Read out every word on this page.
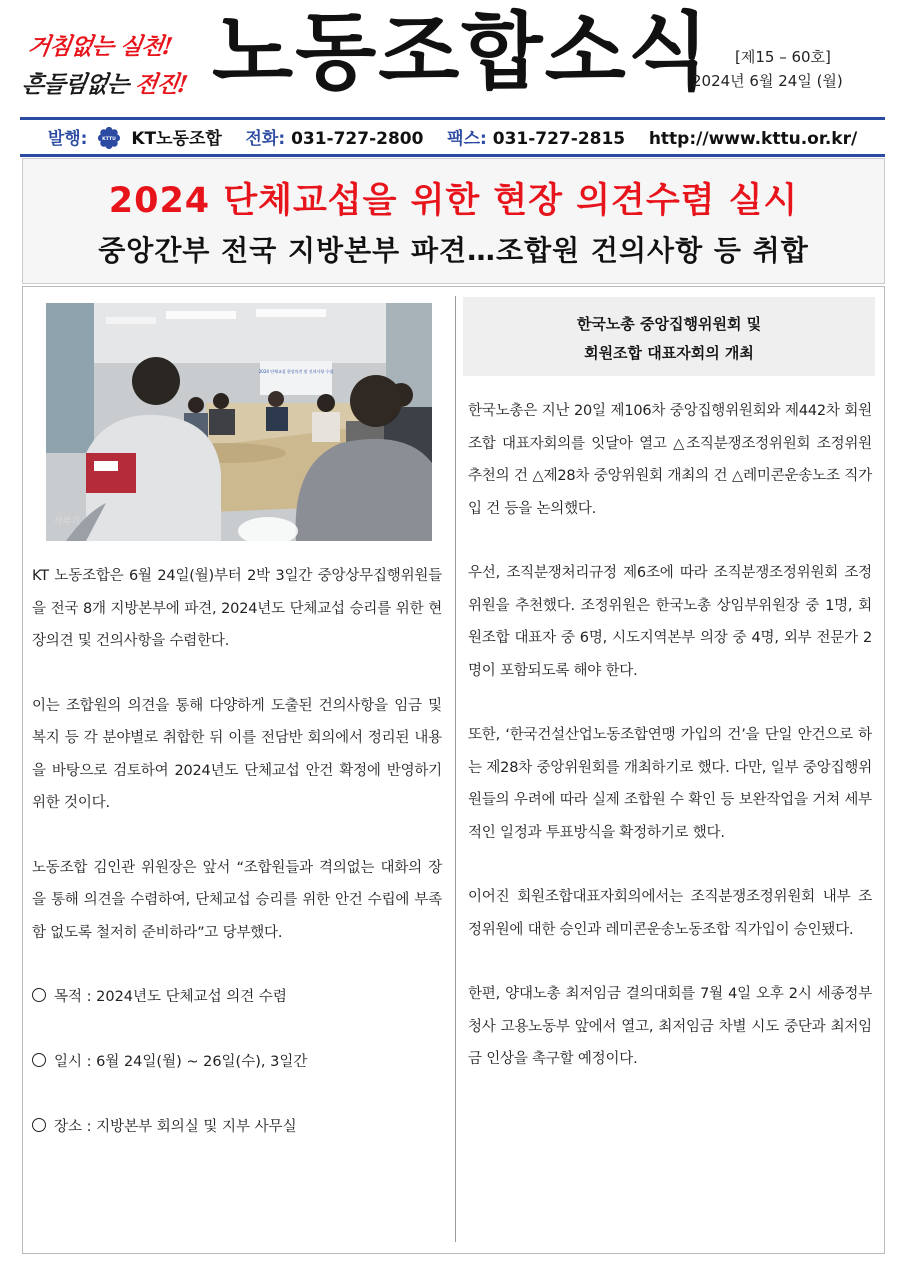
거침없는 실천!
흔들림없는 전진! 노동조합소식 [제15 – 60호]
2024년 6월 24일 (월)
발행:	KTTU KT노동조합 전화: 031-727-2800 팩스: 031-727-2815 http://www.kttu.or.kr/
2024 단체교섭을 위한 현장 의견수렴 실시
중앙간부 전국 지방본부 파견…조합원 건의사항 등 취합
2024 단체교섭 현장의견 및 건의사항 수렴
작부기

KT 노동조합은 6월 24일(월)부터 2박 3일간 중앙상무집행위원들을 전국 8개 지방본부에 파견, 2024년도 단체교섭 승리를 위한 현장의견 및 건의사항을 수렴한다.

이는 조합원의 의견을 통해 다양하게 도출된 건의사항을 임금 및 복지 등 각 분야별로 취합한 뒤 이를 전담반 회의에서 정리된 내용을 바탕으로 검토하여 2024년도 단체교섭 안건 확정에 반영하기 위한 것이다.

노동조합 김인관 위원장은 앞서 “조합원들과 격의없는 대화의 장을 통해 의견을 수렴하여, 단체교섭 승리를 위한 안건 수립에 부족함 없도록 철저히 준비하라”고 당부했다.

목적 : 2024년도 단체교섭 의견 수렴
일시 : 6월 24일(월) ~ 26일(수), 3일간
장소 : 지방본부 회의실 및 지부 사무실
한국노총 중앙집행위원회 및
회원조합 대표자회의 개최

한국노총은 지난 20일 제106차 중앙집행위원회와 제442차 회원조합 대표자회의를 잇달아 열고 △조직분쟁조정위원회 조정위원 추천의 건 △제28차 중앙위원회 개최의 건 △레미콘운송노조 직가입 건 등을 논의했다.

우선, 조직분쟁처리규정 제6조에 따라 조직분쟁조정위원회 조정위원을 추천했다. 조정위원은 한국노총 상임부위원장 중 1명, 회원조합 대표자 중 6명, 시도지역본부 의장 중 4명, 외부 전문가 2명이 포함되도록 해야 한다.

또한, ‘한국건설산업노동조합연맹 가입의 건’을 단일 안건으로 하는 제28차 중앙위원회를 개최하기로 했다. 다만, 일부 중앙집행위원들의 우려에 따라 실제 조합원 수 확인 등 보완작업을 거쳐 세부적인 일정과 투표방식을 확정하기로 했다.

이어진 회원조합대표자회의에서는 조직분쟁조정위원회 내부 조정위원에 대한 승인과 레미콘운송노동조합 직가입이 승인됐다.

한편, 양대노총 최저임금 결의대회를 7월 4일 오후 2시 세종정부청사 고용노동부 앞에서 열고, 최저임금 차별 시도 중단과 최저임금 인상을 촉구할 예정이다.
